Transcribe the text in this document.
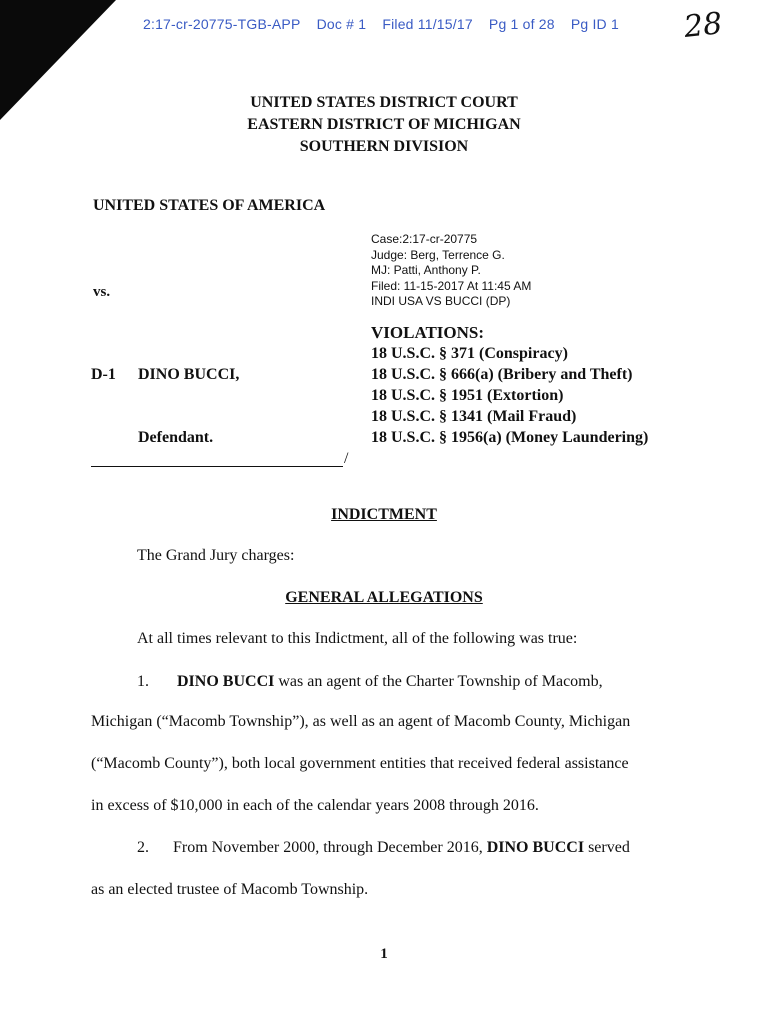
2:17-cr-20775-TGB-APP Doc # 1 Filed 11/15/17 Pg 1 of 28 Pg ID 1	28
UNITED STATES DISTRICT COURT
EASTERN DISTRICT OF MICHIGAN
SOUTHERN DIVISION
UNITED STATES OF AMERICA
Case:2:17-cr-20775
Judge: Berg, Terrence G.
MJ: Patti, Anthony P.
Filed: 11-15-2017 At 11:45 AM
INDI USA VS BUCCI (DP)
vs.
VIOLATIONS:
18 U.S.C. § 371 (Conspiracy)
18 U.S.C. § 666(a) (Bribery and Theft)
18 U.S.C. § 1951 (Extortion)
18 U.S.C. § 1341 (Mail Fraud)
18 U.S.C. § 1956(a) (Money Laundering)
D-1 DINO BUCCI,
Defendant.
/
INDICTMENT
The Grand Jury charges:
GENERAL ALLEGATIONS
At all times relevant to this Indictment, all of the following was true:
1. DINO BUCCI was an agent of the Charter Township of Macomb,
Michigan (“Macomb Township”), as well as an agent of Macomb County, Michigan
(“Macomb County”), both local government entities that received federal assistance
in excess of $10,000 in each of the calendar years 2008 through 2016.
2. From November 2000, through December 2016, DINO BUCCI served
as an elected trustee of Macomb Township.
1
